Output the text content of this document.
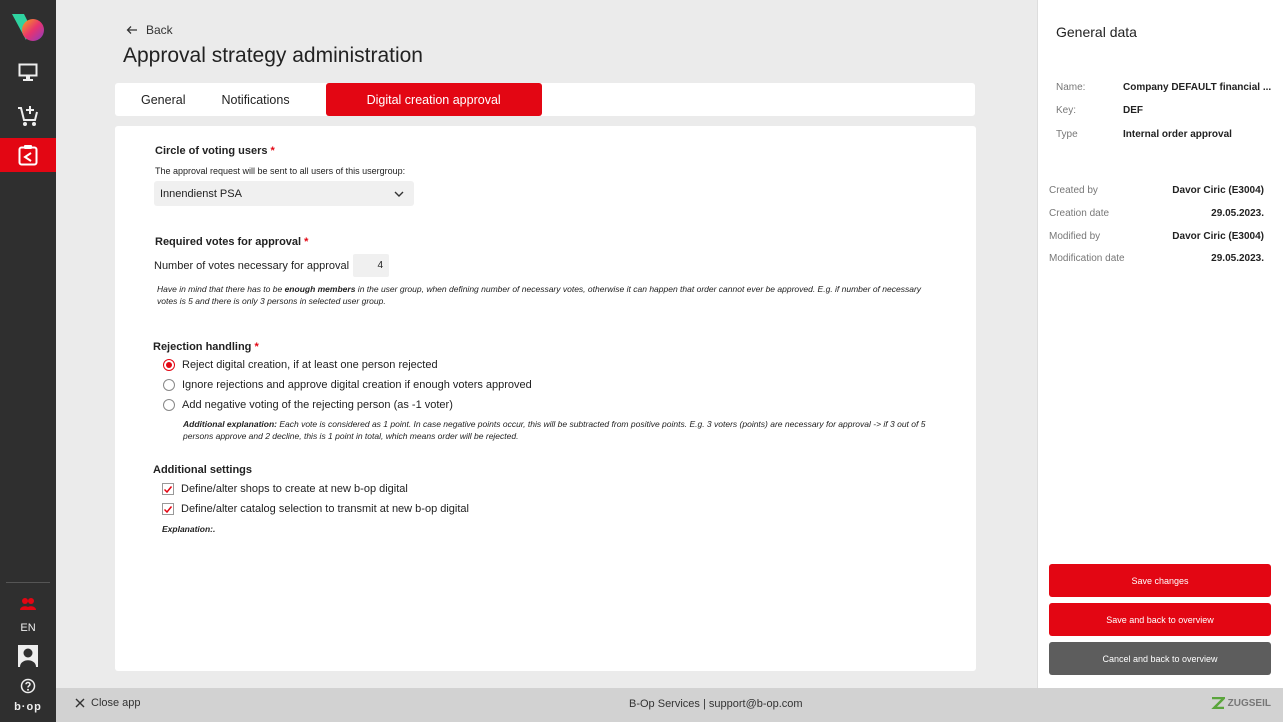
EN
b·op
Back
Approval strategy administration
General	Notifications	Digital creation approval
Circle of voting users *
The approval request will be sent to all users of this usergroup:
Innendienst PSA
Required votes for approval *
Number of votes necessary for approval	4
Have in mind that there has to be enough members in the user group, when defining number of necessary votes, otherwise it can happen that order cannot ever be approved. E.g. if number of necessary votes is 5 and there is only 3 persons in selected user group.
Rejection handling *
Reject digital creation, if at least one person rejected
Ignore rejections and approve digital creation if enough voters approved
Add negative voting of the rejecting person (as -1 voter)
Additional explanation: Each vote is considered as 1 point. In case negative points occur, this will be subtracted from positive points. E.g. 3 voters (points) are necessary for approval -> if 3 out of 5 persons approve and 2 decline, this is 1 point in total, which means order will be rejected.
Additional settings
Define/alter shops to create at new b-op digital
Define/alter catalog selection to transmit at new b-op digital
Explanation:.
General data
Name:	Company DEFAULT financial ...
Key:	DEF
Type	Internal order approval
Created by	Davor Ciric (E3004)
Creation date	29.05.2023.
Modified by	Davor Ciric (E3004)
Modification date	29.05.2023.
Save changes
Save and back to overview
Cancel and back to overview
Close app	B-Op Services | support@b-op.com	ZUGSEIL
